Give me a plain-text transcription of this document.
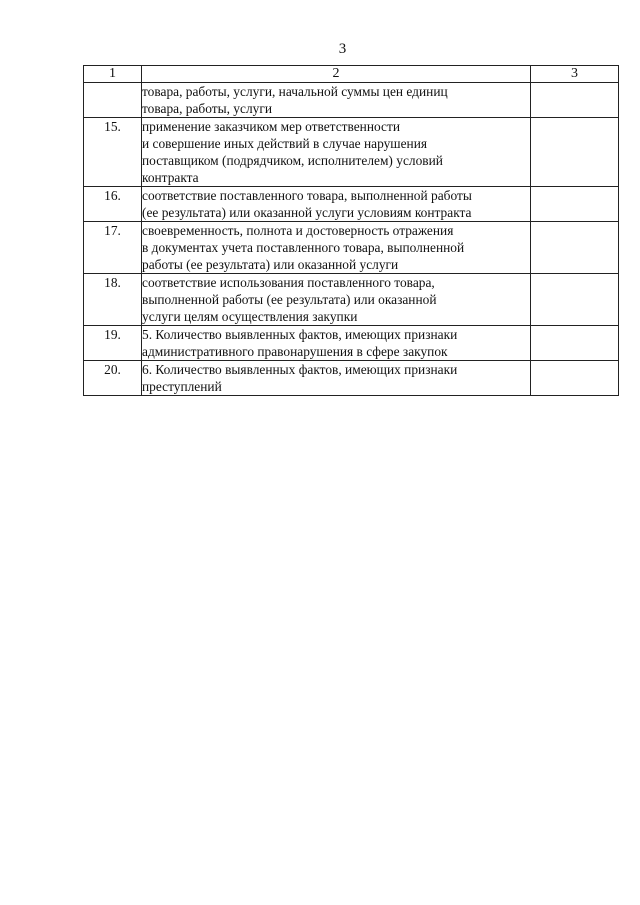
3
1	2	3
	товара, работы, услуги, начальной суммы цен единиц
товара, работы, услуги	
15.	применение заказчиком мер ответственности
и совершение иных действий в случае нарушения
поставщиком (подрядчиком, исполнителем) условий
контракта	
16.	соответствие поставленного товара, выполненной работы
(ее результата) или оказанной услуги условиям контракта	
17.	своевременность, полнота и достоверность отражения
в документах учета поставленного товара, выполненной
работы (ее результата) или оказанной услуги	
18.	соответствие использования поставленного товара,
выполненной работы (ее результата) или оказанной
услуги целям осуществления закупки	
19.	5. Количество выявленных фактов, имеющих признаки
административного правонарушения в сфере закупок	
20.	6. Количество выявленных фактов, имеющих признаки
преступлений	
